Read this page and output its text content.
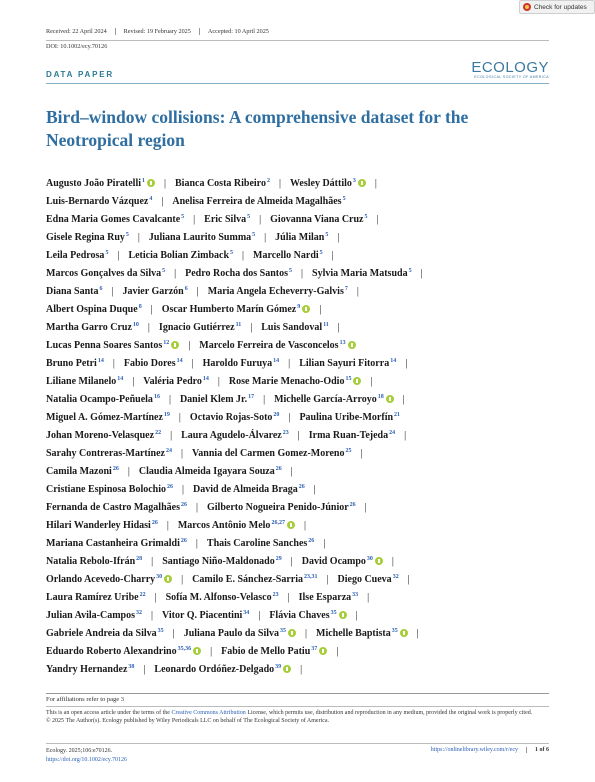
Check for updates
Received: 22 April 2024	Revised: 19 February 2025	Accepted: 10 April 2025
DOI: 10.1002/ecy.70126
DATA PAPER	ECOLOGY
ECOLOGICAL SOCIETY OF AMERICA
Bird–window collisions: A comprehensive dataset for the Neotropical region
Augusto João Piratelli$^1$ | Bianca Costa Ribeiro$^2$ | Wesley Dáttilo$^3$ |
Luis-Bernardo Vázquez$^4$ | Anelisa Ferreira de Almeida Magalhães$^5$
Edna Maria Gomes Cavalcante$^5$ | Eric Silva$^5$ | Giovanna Viana Cruz$^5$ |
Gisele Regina Ruy$^5$ | Juliana Laurito Summa$^5$ | Júlia Milan$^5$ |
Leila Pedrosa$^5$ | Leticia Bolian Zimback$^5$ | Marcello Nardi$^5$ |
Marcos Gonçalves da Silva$^5$ | Pedro Rocha dos Santos$^5$ | Sylvia Maria Matsuda$^5$ |
Diana Santa$^6$ | Javier Garzón$^6$ | Maria Angela Echeverry-Galvis$^7$ |
Albert Ospina Duque$^8$ | Oscar Humberto Marín Gómez$^9$ |
Martha Garro Cruz$^{10}$ | Ignacio Gutiérrez$^{11}$ | Luis Sandoval$^{11}$ |
Lucas Penna Soares Santos$^{12}$ | Marcelo Ferreira de Vasconcelos$^{13}$
Bruno Petri$^{14}$ | Fabio Dores$^{14}$ | Haroldo Furuya$^{14}$ | Lilian Sayuri Fitorra$^{14}$ |
Liliane Milanelo$^{14}$ | Valéria Pedro$^{14}$ | Rose Marie Menacho-Odio$^{15}$ |
Natalia Ocampo-Peñuela$^{16}$ | Daniel Klem Jr.$^{17}$ | Michelle García-Arroyo$^{18}$ |
Miguel A. Gómez-Martínez$^{19}$ | Octavio Rojas-Soto$^{20}$ | Paulina Uribe-Morfín$^{21}$
Johan Moreno-Velasquez$^{22}$ | Laura Agudelo-Álvarez$^{23}$ | Irma Ruan-Tejeda$^{24}$ |
Sarahy Contreras-Martínez$^{24}$ | Vannia del Carmen Gomez-Moreno$^{25}$ |
Camila Mazoni$^{26}$ | Claudia Almeida Igayara Souza$^{26}$ |
Cristiane Espinosa Bolochio$^{26}$ | David de Almeida Braga$^{26}$ |
Fernanda de Castro Magalhães$^{26}$ | Gilberto Nogueira Penido-Júnior$^{26}$ |
Hilari Wanderley Hidasi$^{26}$ | Marcos Antônio Melo$^{26,27}$ |
Mariana Castanheira Grimaldi$^{26}$ | Thais Caroline Sanches$^{26}$ |
Natalia Rebolo-Ifrán$^{28}$ | Santiago Niño-Maldonado$^{29}$ | David Ocampo$^{30}$ |
Orlando Acevedo-Charry$^{30}$ | Camilo E. Sánchez-Sarria$^{23,31}$ | Diego Cueva$^{32}$ |
Laura Ramírez Uribe$^{22}$ | Sofía M. Alfonso-Velasco$^{23}$ | Ilse Esparza$^{33}$ |
Julian Avila-Campos$^{32}$ | Vitor Q. Piacentini$^{34}$ | Flávia Chaves$^{35}$ |
Gabriele Andreia da Silva$^{35}$ | Juliana Paulo da Silva$^{35}$ | Michelle Baptista$^{35}$ |
Eduardo Roberto Alexandrino$^{35,36}$ | Fabio de Mello Patiu$^{37}$ |
Yandry Hernandez$^{38}$ | Leonardo Ordóñez-Delgado$^{39}$ |
For affiliations refer to page 3
This is an open access article under the terms of the Creative Commons Attribution License, which permits use, distribution and reproduction in any medium, provided the original work is properly cited.
© 2025 The Author(s). Ecology published by Wiley Periodicals LLC on behalf of The Ecological Society of America.
Ecology. 2025;106:e70126.
https://doi.org/10.1002/ecy.70126
https://onlinelibrary.wiley.com/r/ecy	1 of 6
